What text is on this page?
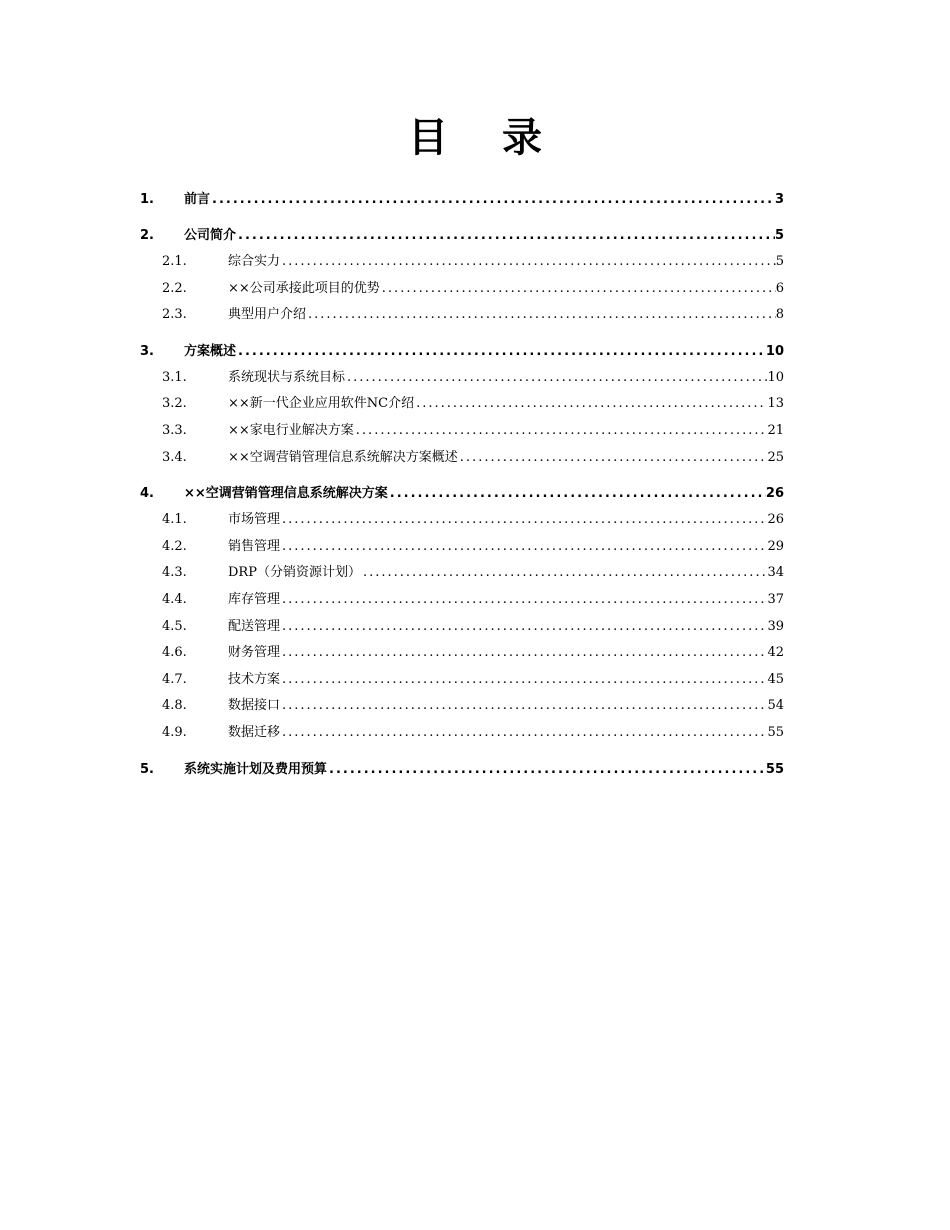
目 录
1.	前言 .....	3
2.	公司简介 .....	5
2.1.	综合实力 .....	5
2.2.	××公司承接此项目的优势 .....	6
2.3.	典型用户介绍 .....	8
3.	方案概述 .....	10
3.1.	系统现状与系统目标 .....	10
3.2.	××新一代企业应用软件NC介绍 .....	13
3.3.	××家电行业解决方案 .....	21
3.4.	××空调营销管理信息系统解决方案概述 .....	25
4.	××空调营销管理信息系统解决方案 .....	26
4.1.	市场管理 .....	26
4.2.	销售管理 .....	29
4.3.	DRP（分销资源计划） .....	34
4.4.	库存管理 .....	37
4.5.	配送管理 .....	39
4.6.	财务管理 .....	42
4.7.	技术方案 .....	45
4.8.	数据接口 .....	54
4.9.	数据迁移 .....	55
5.	系统实施计划及费用预算 .....	55
